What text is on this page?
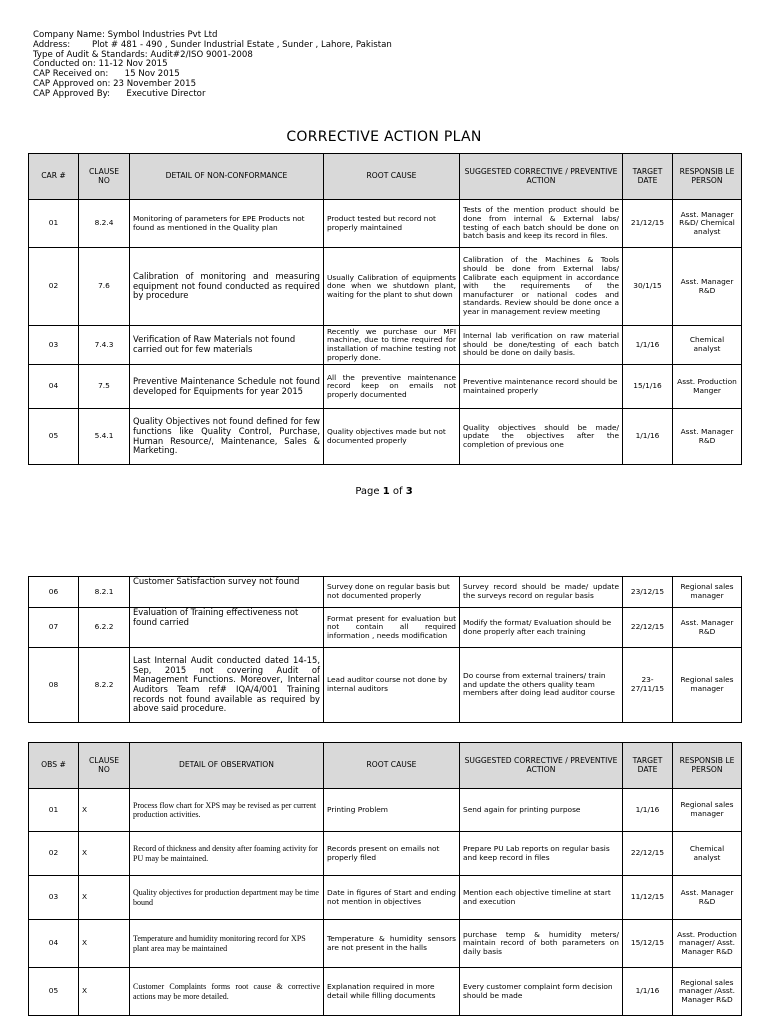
Company Name: Symbol Industries Pvt Ltd
Address:        Plot # 481 - 490 , Sunder Industrial Estate , Sunder , Lahore, Pakistan
Type of Audit & Standards: Audit#2/ISO 9001-2008
Conducted on: 11-12 Nov 2015
CAP Received on:      15 Nov 2015
CAP Approved on: 23 November 2015
CAP Approved By:      Executive Director
CORRECTIVE ACTION PLAN
CAR #	CLAUSE NO	DETAIL OF NON-CONFORMANCE	ROOT CAUSE	SUGGESTED CORRECTIVE / PREVENTIVE ACTION	TARGET DATE	RESPONSIB LE PERSON
01	8.2.4	Monitoring of parameters for EPE Products not found as mentioned in the Quality plan	Product tested but record not properly maintained	Tests of the mention product should be done from internal & External labs/ testing of each batch should be done on batch basis and keep its record in files.	21/12/15	Asst. Manager R&D/ Chemical analyst
02	7.6	Calibration of monitoring and measuring equipment not found conducted as required by procedure	Usually Calibration of equipments done when we shutdown plant, waiting for the plant to shut down	Calibration of the Machines & Tools should be done from External labs/ Calibrate each equipment in accordance with the requirements of the manufacturer or national codes and standards. Review should be done once a year in management review meeting	30/1/15	Asst. Manager R&D
03	7.4.3	Verification of Raw Materials not found carried out for few materials	Recently we purchase our MFI machine, due to time required for installation of machine testing not properly done.	Internal lab verification on raw material should be done/testing of each batch should be done on daily basis.	1/1/16	Chemical analyst
04	7.5	Preventive Maintenance Schedule not found developed for Equipments for year 2015	All the preventive maintenance record keep on emails not properly documented	Preventive maintenance record should be maintained properly	15/1/16	Asst. Production Manger
05	5.4.1	Quality Objectives not found defined for few functions like Quality Control, Purchase, Human Resource/, Maintenance, Sales & Marketing.	Quality objectives made but not documented properly	Quality objectives should be made/ update the objectives after the completion of previous one	1/1/16	Asst. Manager R&D
Page 1 of 3
06	8.2.1	Customer Satisfaction survey not found	Survey done on regular basis but not documented properly	Survey record should be made/ update the surveys record on regular basis	23/12/15	Regional sales manager
07	6.2.2	Evaluation of Training effectiveness not found carried	Format present for evaluation but not contain all required information , needs modification	Modify the format/ Evaluation should be done properly after each training	22/12/15	Asst. Manager R&D
08	8.2.2	Last Internal Audit conducted dated 14-15, Sep, 2015 not covering Audit of Management Functions. Moreover, Internal Auditors Team ref# IQA/4/001 Training records not found available as required by above said procedure.	Lead auditor course not done by internal auditors	Do course from external trainers/ train and update the others quality team members after doing lead auditor course	23-27/11/15	Regional sales manager
OBS #	CLAUSE NO	DETAIL OF OBSERVATION	ROOT CAUSE	SUGGESTED CORRECTIVE / PREVENTIVE ACTION	TARGET DATE	RESPONSIB LE PERSON
01	X	Process flow chart for XPS may be revised as per current production activities.	Printing Problem	Send again for printing purpose	1/1/16	Regional sales manager
02	X	Record of thickness and density after foaming activity for PU may be maintained.	Records present on emails not properly filed	Prepare PU Lab reports on regular basis and keep record in files	22/12/15	Chemical analyst
03	X	Quality objectives for production department may be time bound	Date in figures of Start and ending not mention in objectives	Mention each objective timeline at start and execution	11/12/15	Asst. Manager R&D
04	X	Temperature and humidity monitoring record for XPS plant area may be maintained	Temperature & humidity sensors are not present in the halls	purchase temp & humidity meters/ maintain record of both parameters on daily basis	15/12/15	Asst. Production manager/ Asst. Manager R&D
05	X	Customer Complaints forms root cause & corrective actions may be more detailed.	Explanation required in more detail while filling documents	Every customer complaint form decision should be made	1/1/16	Regional sales manager /Asst. Manager R&D
